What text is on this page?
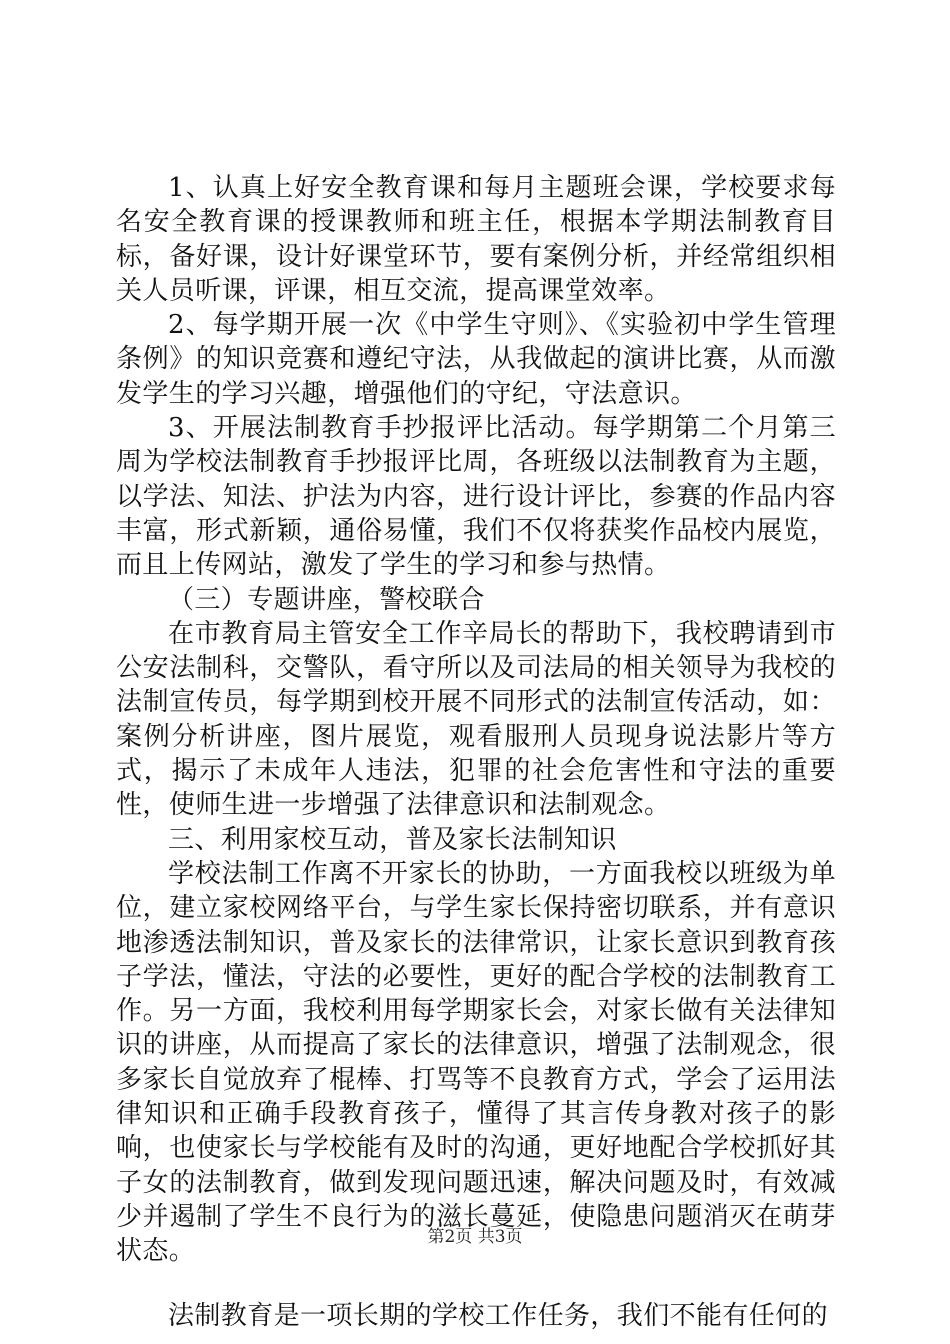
1、认真上好安全教育课和每月主题班会课，学校要求每名安全教育课的授课教师和班主任，根据本学期法制教育目标，备好课，设计好课堂环节，要有案例分析，并经常组织相关人员听课，评课，相互交流，提高课堂效率。

2、每学期开展一次《中学生守则》、《实验初中学生管理条例》的知识竞赛和遵纪守法，从我做起的演讲比赛，从而激发学生的学习兴趣，增强他们的守纪，守法意识。

3、开展法制教育手抄报评比活动。每学期第二个月第三周为学校法制教育手抄报评比周，各班级以法制教育为主题，以学法、知法、护法为内容，进行设计评比，参赛的作品内容丰富，形式新颖，通俗易懂，我们不仅将获奖作品校内展览，而且上传网站，激发了学生的学习和参与热情。

（三）专题讲座，警校联合

在市教育局主管安全工作辛局长的帮助下，我校聘请到市公安法制科，交警队，看守所以及司法局的相关领导为我校的法制宣传员，每学期到校开展不同形式的法制宣传活动，如：案例分析讲座，图片展览，观看服刑人员现身说法影片等方式，揭示了未成年人违法，犯罪的社会危害性和守法的重要性，使师生进一步增强了法律意识和法制观念。

三、利用家校互动，普及家长法制知识

学校法制工作离不开家长的协助，一方面我校以班级为单位，建立家校网络平台，与学生家长保持密切联系，并有意识地渗透法制知识，普及家长的法律常识，让家长意识到教育孩子学法，懂法，守法的必要性，更好的配合学校的法制教育工作。另一方面，我校利用每学期家长会，对家长做有关法律知识的讲座，从而提高了家长的法律意识，增强了法制观念，很多家长自觉放弃了棍棒、打骂等不良教育方式，学会了运用法律知识和正确手段教育孩子，懂得了其言传身教对孩子的影响，也使家长与学校能有及时的沟通，更好地配合学校抓好其子女的法制教育，做到发现问题迅速，解决问题及时，有效减少并遏制了学生不良行为的滋长蔓延，使隐患问题消灭在萌芽状态。

法制教育是一项长期的学校工作任务，我们不能有任何的

第2页 共3页
